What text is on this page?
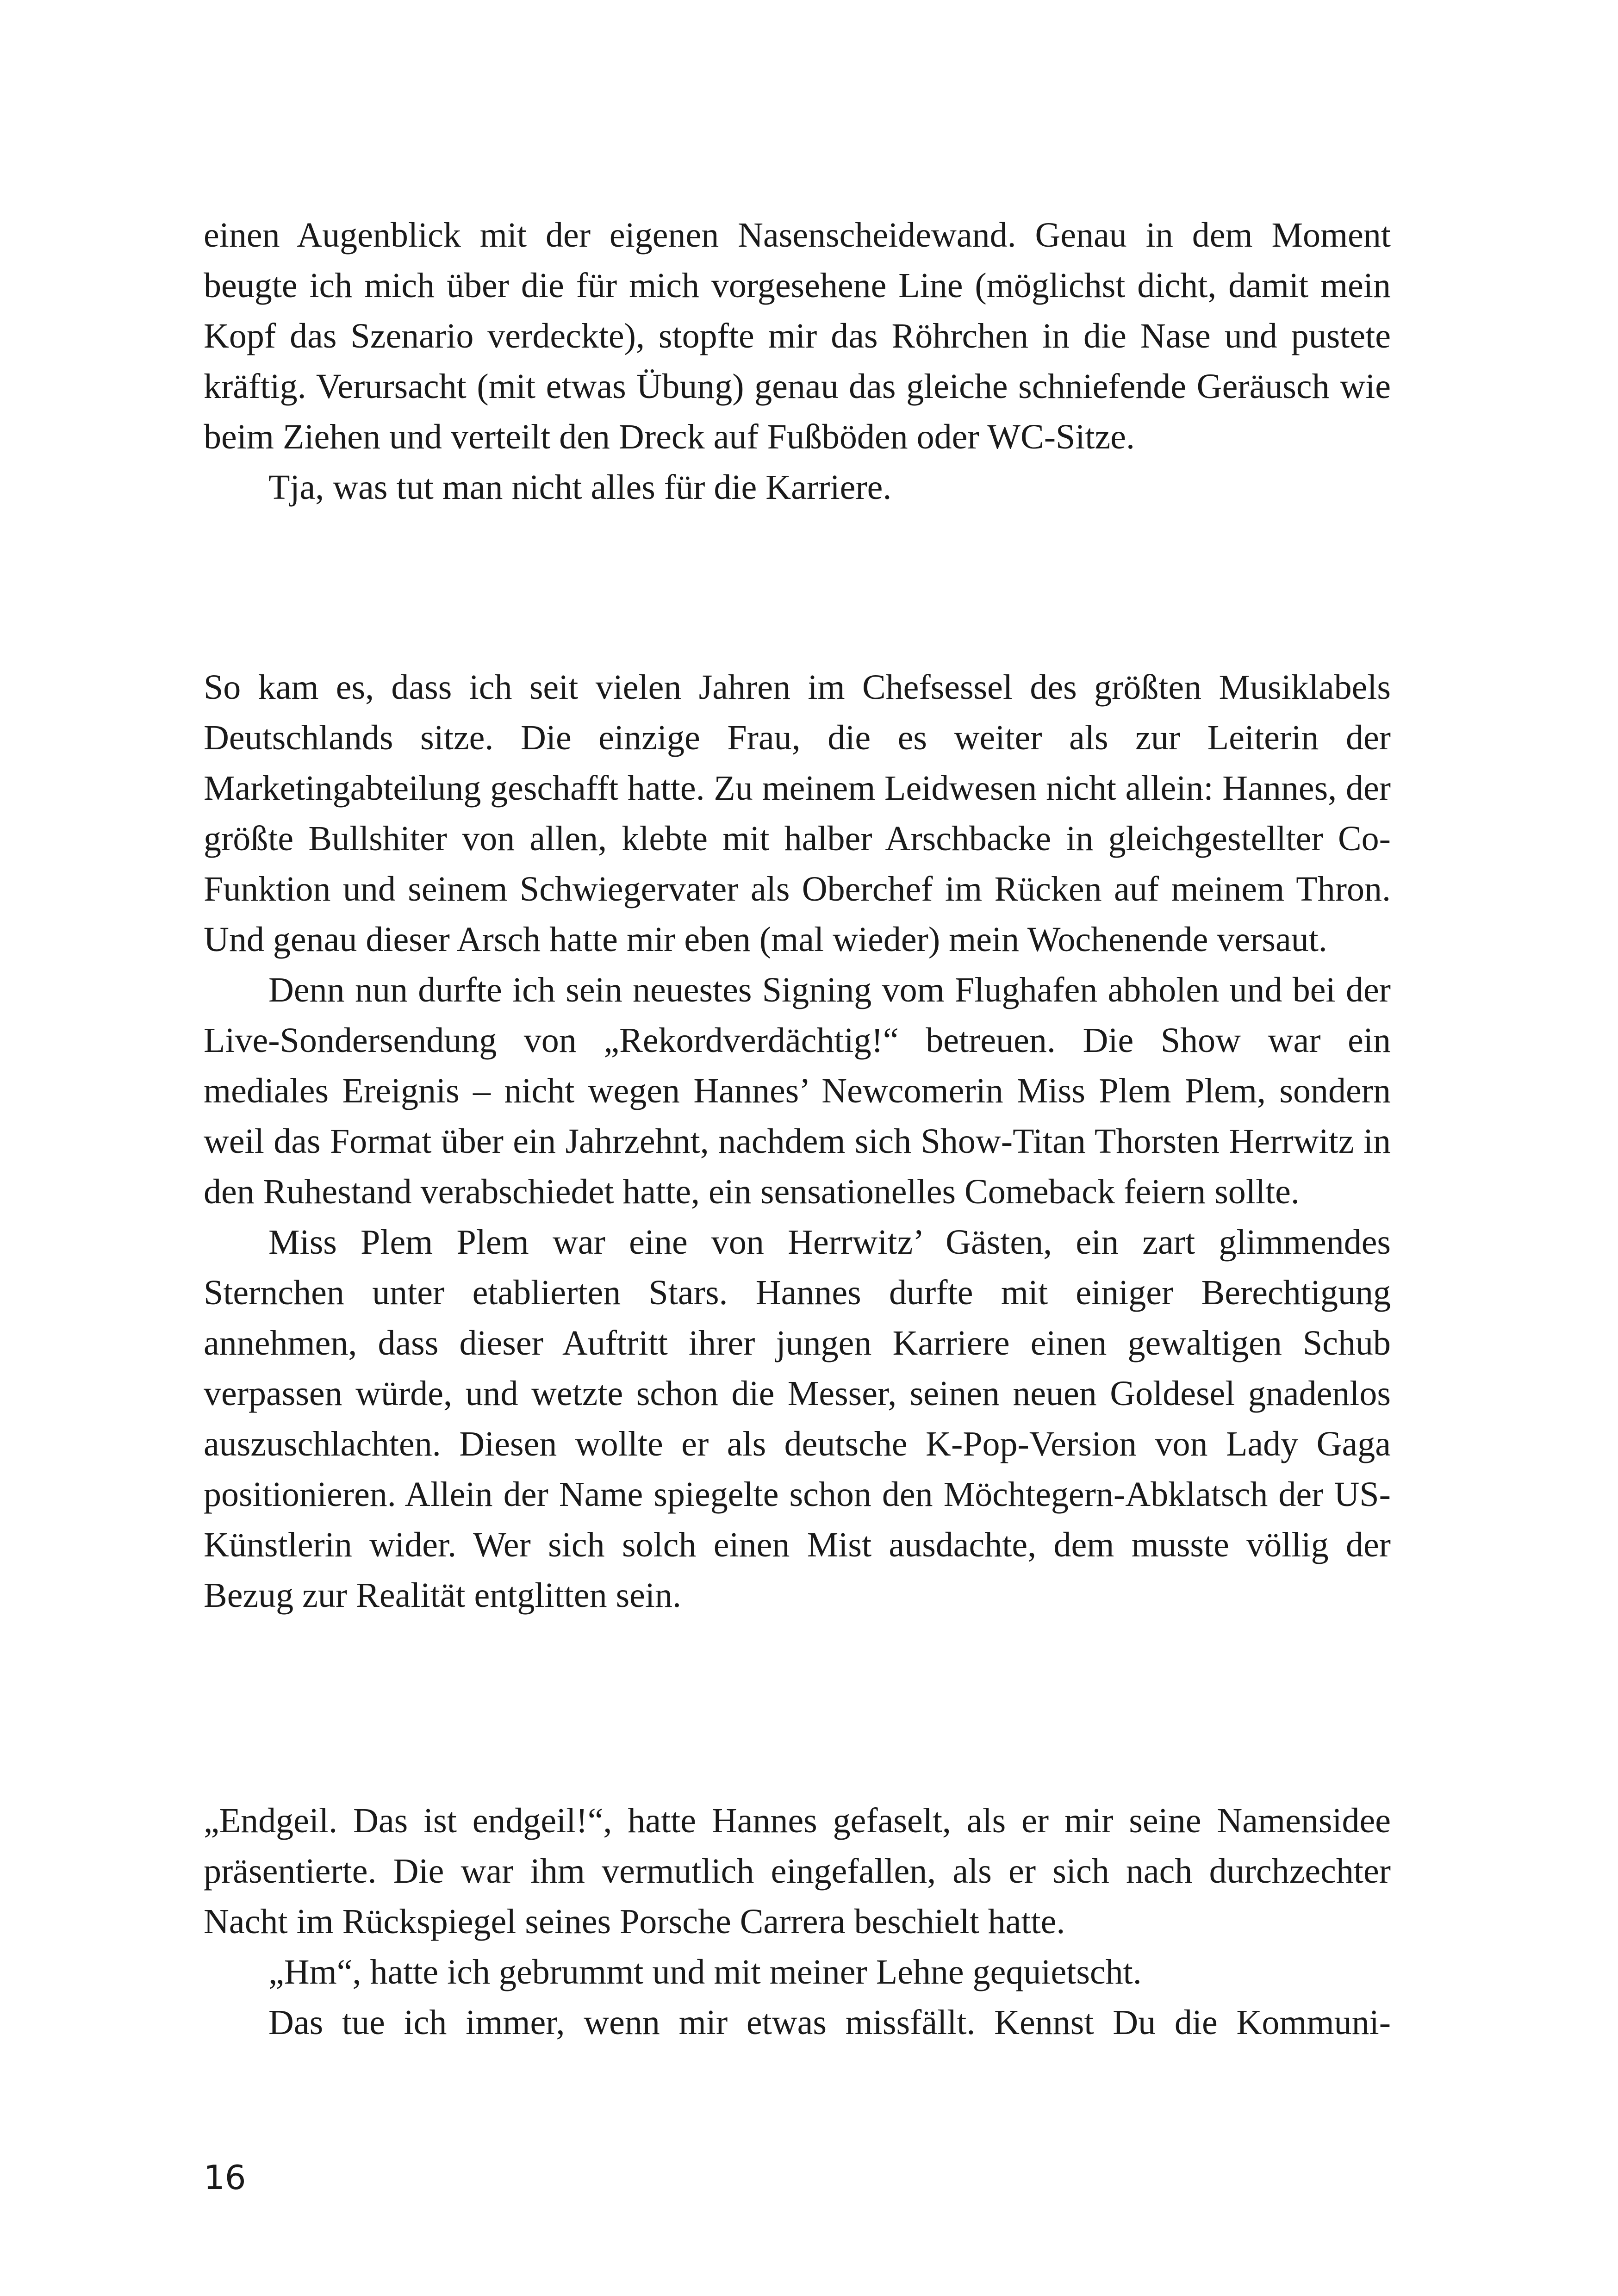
einen Augenblick mit der eigenen Nasenscheidewand. Genau in dem Moment beugte ich mich über die für mich vorgesehene Line (möglichst dicht, damit mein Kopf das Szenario verdeckte), stopfte mir das Röhrchen in die Nase und pustete kräftig. Verursacht (mit etwas Übung) genau das gleiche schniefende Geräusch wie beim Ziehen und verteilt den Dreck auf Fußböden oder WC-Sitze.

Tja, was tut man nicht alles für die Karriere.

So kam es, dass ich seit vielen Jahren im Chefsessel des größten Musiklabels Deutschlands sitze. Die einzige Frau, die es weiter als zur Leiterin der Marketingabteilung geschafft hatte. Zu meinem Leidwesen nicht allein: Hannes, der größte Bullshiter von allen, klebte mit halber Arschbacke in gleichgestellter Co-Funktion und seinem Schwiegervater als Oberchef im Rücken auf meinem Thron. Und genau dieser Arsch hatte mir eben (mal wieder) mein Wochenende versaut.

Denn nun durfte ich sein neuestes Signing vom Flughafen abholen und bei der Live-Sondersendung von „Rekordverdächtig!“ betreuen. Die Show war ein mediales Ereignis – nicht wegen Hannes’ Newcomerin Miss Plem Plem, sondern weil das Format über ein Jahrzehnt, nachdem sich Show-Titan Thorsten Herrwitz in den Ruhestand verabschiedet hatte, ein sensationelles Comeback feiern sollte.

Miss Plem Plem war eine von Herrwitz’ Gästen, ein zart glimmendes Sternchen unter etablierten Stars. Hannes durfte mit einiger Berechtigung annehmen, dass dieser Auftritt ihrer jungen Karriere einen gewaltigen Schub verpassen würde, und wetzte schon die Messer, seinen neuen Goldesel gnadenlos auszuschlachten. Diesen wollte er als deutsche K-Pop-Version von Lady Gaga positionieren. Allein der Name spiegelte schon den Möchtegern-Abklatsch der US-Künstlerin wider. Wer sich solch einen Mist ausdachte, dem musste völlig der Bezug zur Realität entglitten sein.

„Endgeil. Das ist endgeil!“, hatte Hannes gefaselt, als er mir seine Namensidee präsentierte. Die war ihm vermutlich eingefallen, als er sich nach durchzechter Nacht im Rückspiegel seines Porsche Carrera beschielt hatte.

„Hm“, hatte ich gebrummt und mit meiner Lehne gequietscht.

Das tue ich immer, wenn mir etwas missfällt. Kennst Du die Kommuni-

16
